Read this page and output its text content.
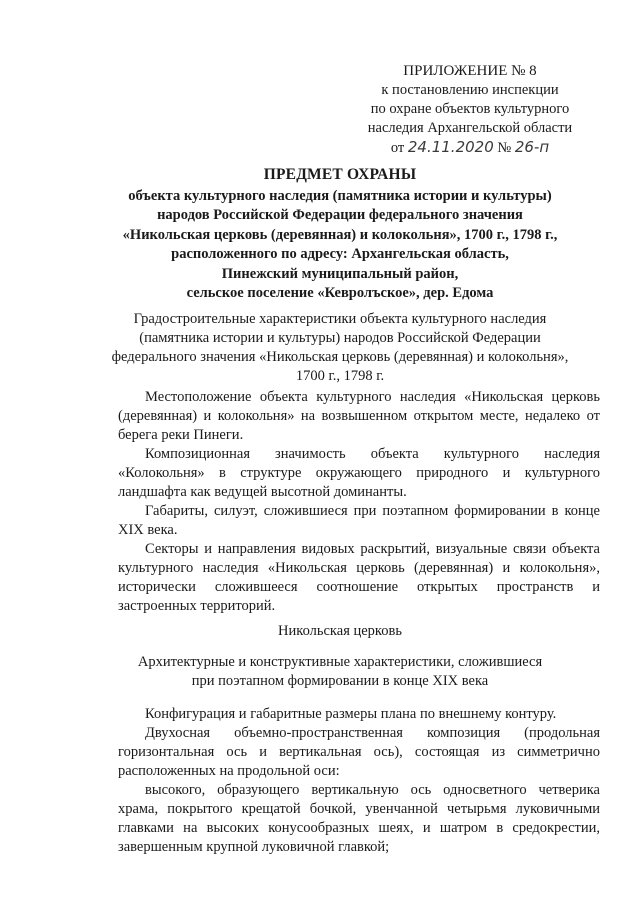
ПРИЛОЖЕНИЕ № 8
к постановлению инспекции
по охране объектов культурного
наследия Архангельской области
от 24.11.2020 № 26-п
ПРЕДМЕТ ОХРАНЫ
объекта культурного наследия (памятника истории и культуры)
народов Российской Федерации федерального значения
«Никольская церковь (деревянная) и колокольня», 1700 г., 1798 г.,
расположенного по адресу: Архангельская область,
Пинежский муниципальный район,
сельское поселение «Кевролъское», дер. Едома
Градостроительные характеристики объекта культурного наследия
(памятника истории и культуры) народов Российской Федерации
федерального значения «Никольская церковь (деревянная) и колокольня»,
1700 г., 1798 г.

Местоположение объекта культурного наследия «Никольская церковь (деревянная) и колокольня» на возвышенном открытом месте, недалеко от берега реки Пинеги.

Композиционная значимость объекта культурного наследия «Колокольня» в структуре окружающего природного и культурного ландшафта как ведущей высотной доминанты.

Габариты, силуэт, сложившиеся при поэтапном формировании в конце XIX века.

Секторы и направления видовых раскрытий, визуальные связи объекта культурного наследия «Никольская церковь (деревянная) и колокольня», исторически сложившееся соотношение открытых пространств и застроенных территорий.

Никольская церковь
Архитектурные и конструктивные характеристики, сложившиеся
при поэтапном формировании в конце XIX века

Конфигурация и габаритные размеры плана по внешнему контуру.

Двухосная объемно-пространственная композиция (продольная горизонтальная ось и вертикальная ось), состоящая из симметрично расположенных на продольной оси:

высокого, образующего вертикальную ось односветного четверика храма, покрытого крещатой бочкой, увенчанной четырьмя луковичными главками на высоких конусообразных шеях, и шатром в средокрестии, завершенным крупной луковичной главкой;
